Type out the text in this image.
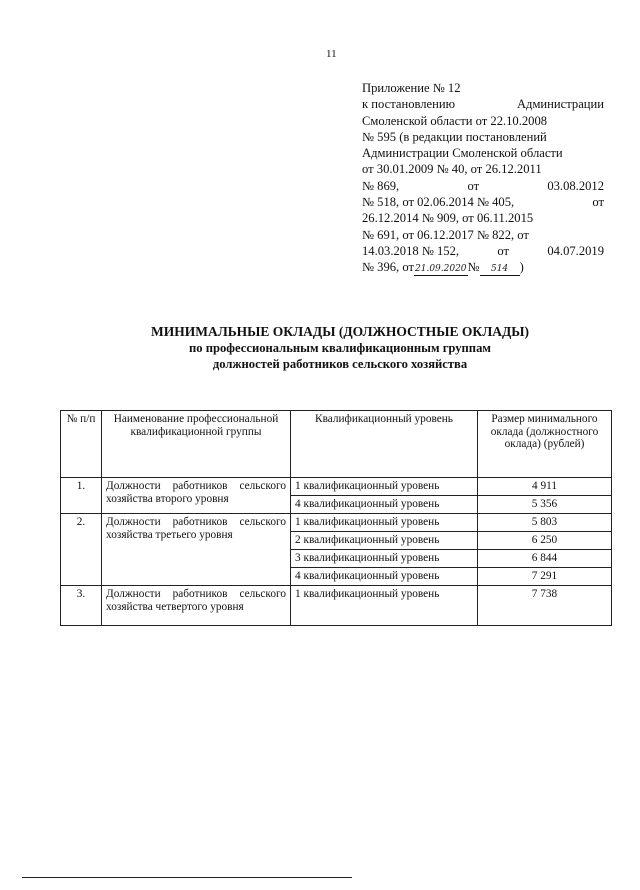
11
Приложение № 12
к постановлению	Администрации
Смоленской области от 22.10.2008
№ 595 (в редакции постановлений
Администрации Смоленской области
от 30.01.2009 № 40, от 26.12.2011
№ 869,	от	03.08.2012
№ 518, от 02.06.2014 № 405,	от
26.12.2014 № 909, от 06.11.2015
№ 691, от 06.12.2017 № 822, от
14.03.2018 № 152,	от	04.07.2019
№ 396, от21.09.2020№ 514 )
МИНИМАЛЬНЫЕ ОКЛАДЫ (ДОЛЖНОСТНЫЕ ОКЛАДЫ)
по профессиональным квалификационным группам
должностей работников сельского хозяйства
№ п/п	Наименование профессиональной квалификационной группы	Квалификационный уровень	Размер минимального оклада (должностного оклада) (рублей)
1.	Должности работников сельского хозяйства второго уровня	1 квалификационный уровень	4 911
		4 квалификационный уровень	5 356
2.	Должности работников сельского хозяйства третьего уровня	1 квалификационный уровень	5 803
		2 квалификационный уровень	6 250
		3 квалификационный уровень	6 844
		4 квалификационный уровень	7 291
3.	Должности работников сельского хозяйства четвертого уровня	1 квалификационный уровень	7 738
